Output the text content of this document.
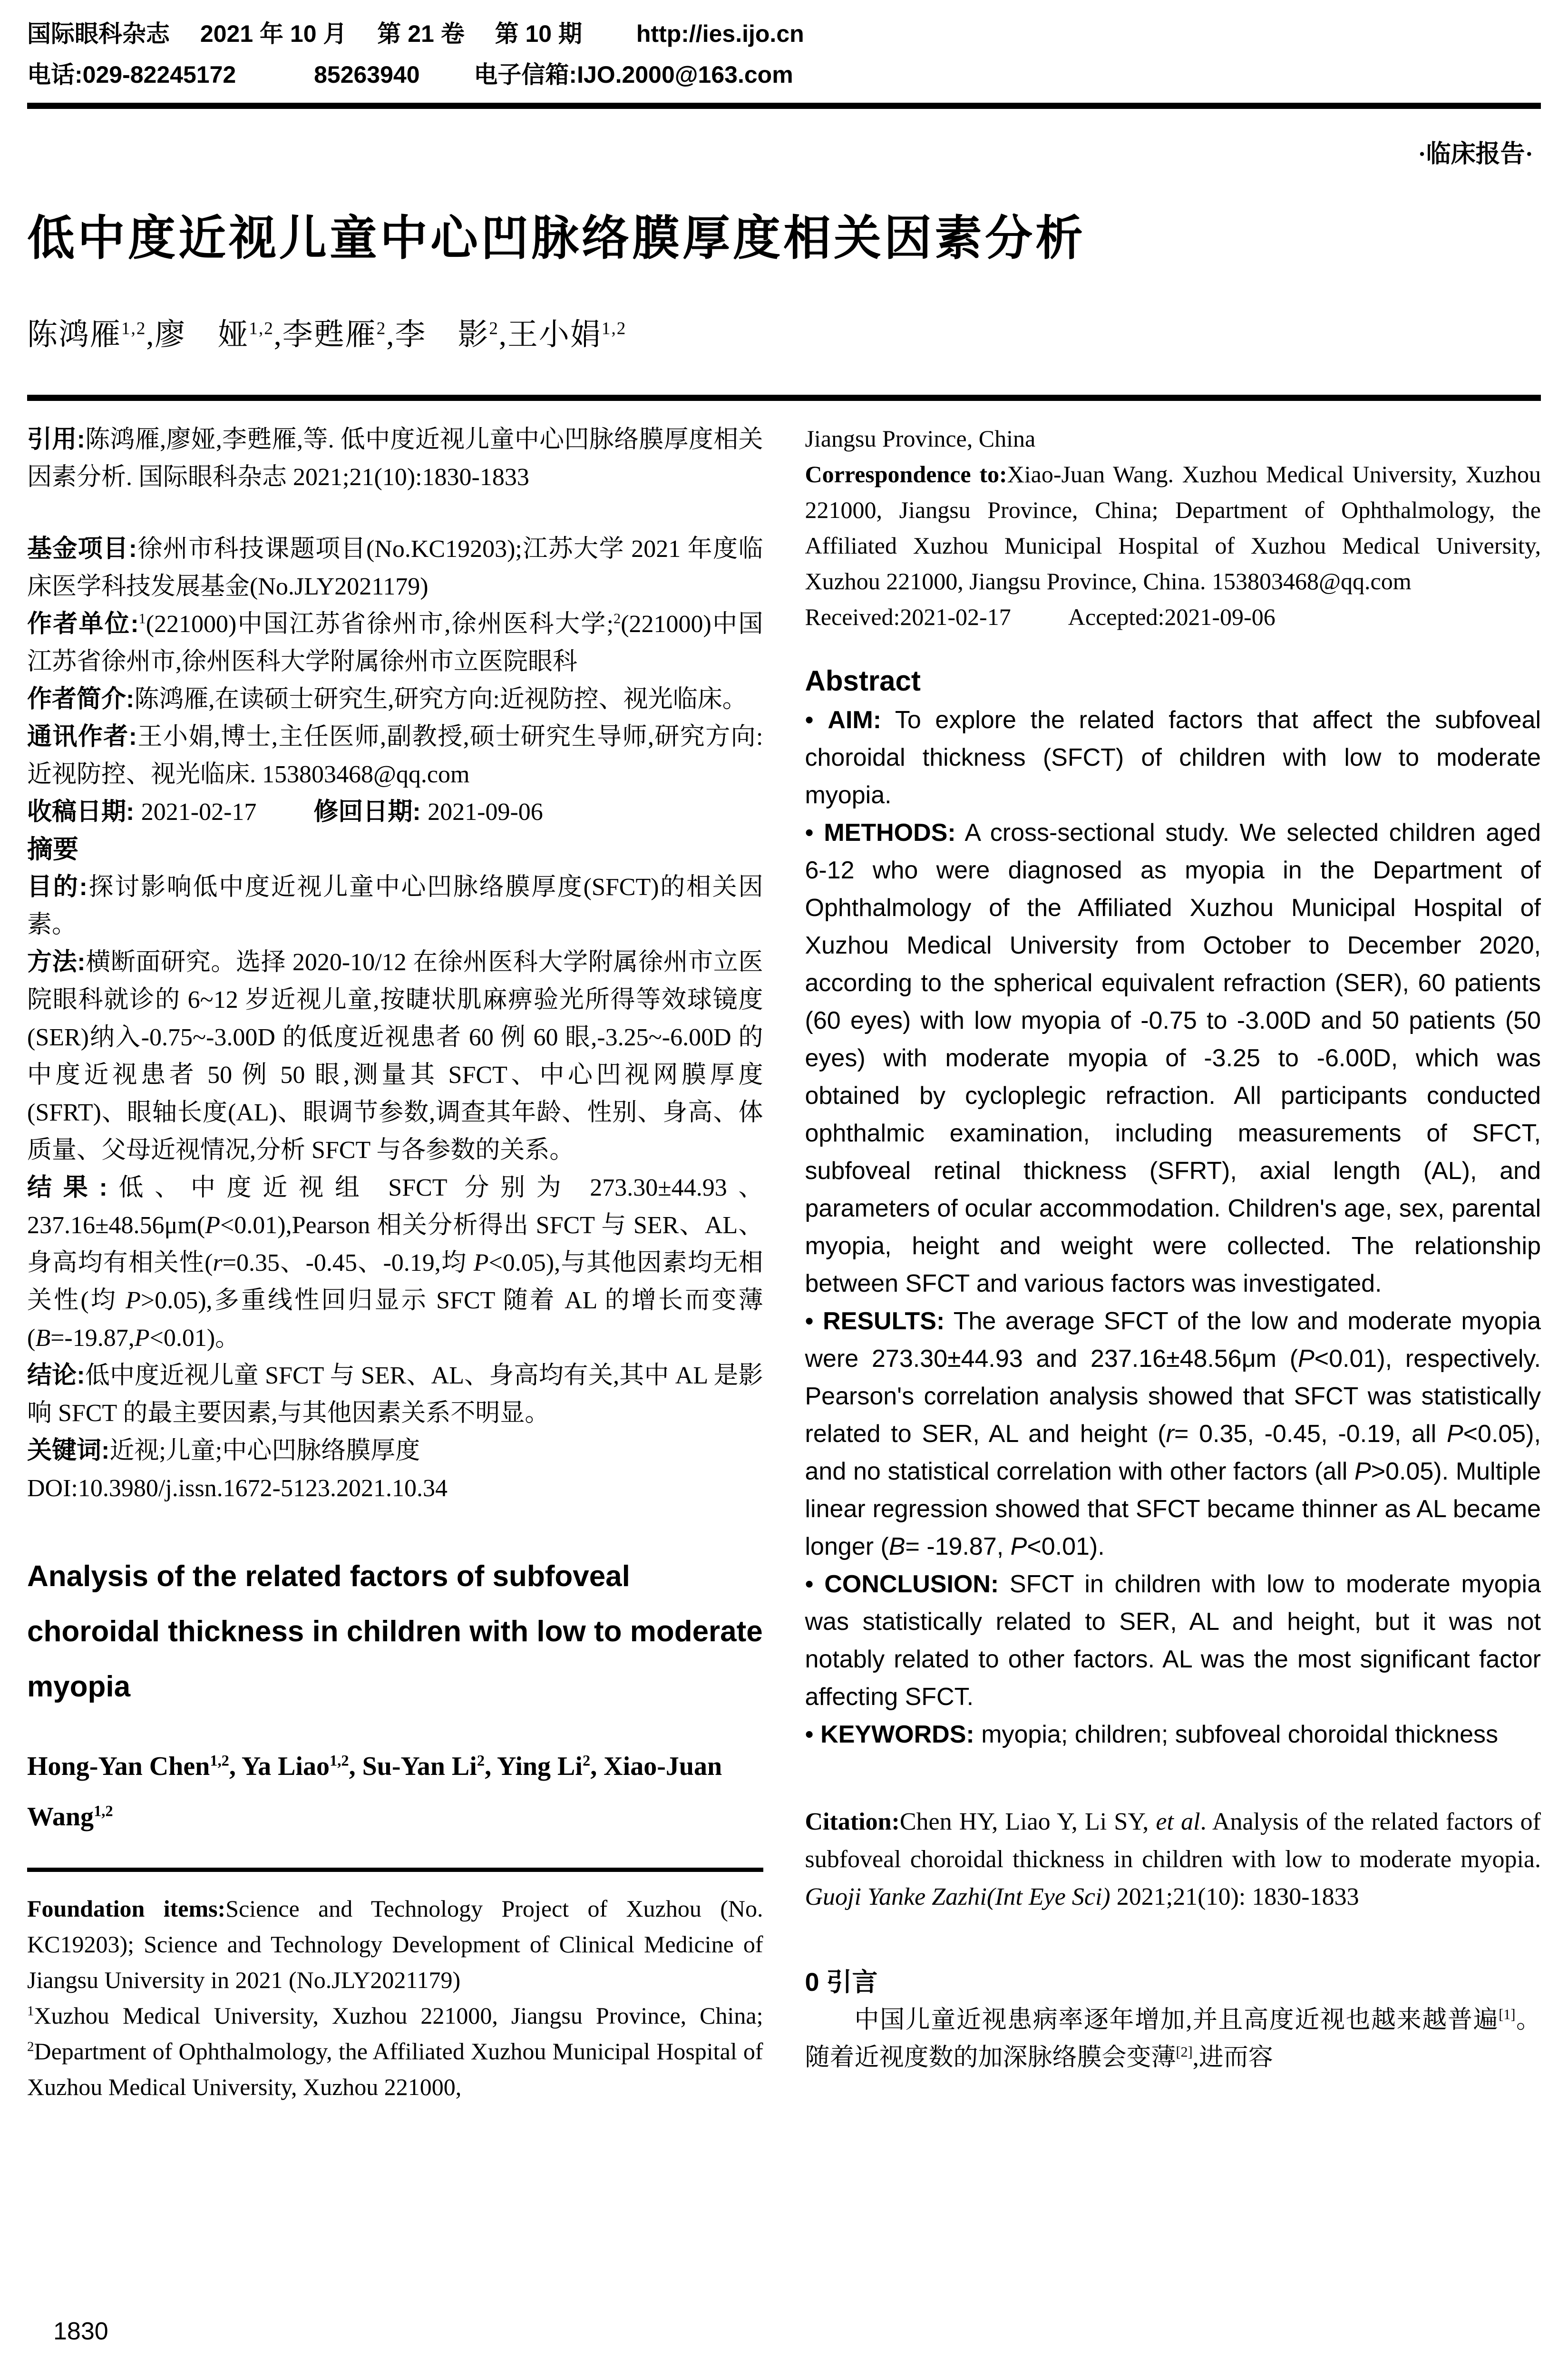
国际眼科杂志　 2021 年 10 月　 第 21 卷　 第 10 期　　 http://ies.ijo.cn
电话:029-82245172　　　 85263940　　 电子信箱:IJO.2000@163.com
·临床报告·
低中度近视儿童中心凹脉络膜厚度相关因素分析
陈鸿雁$^{1,2}$,廖　娅$^{1,2}$,李甦雁$^2$,李　影$^2$,王小娟$^{1,2}$

引用:陈鸿雁,廖娅,李甦雁,等. 低中度近视儿童中心凹脉络膜厚度相关因素分析. 国际眼科杂志 2021;21(10):1830-1833

基金项目:徐州市科技课题项目(No.KC19203);江苏大学 2021 年度临床医学科技发展基金(No.JLY2021179)

作者单位:$^1$(221000)中国江苏省徐州市,徐州医科大学;$^2$(221000)中国江苏省徐州市,徐州医科大学附属徐州市立医院眼科

作者简介:陈鸿雁,在读硕士研究生,研究方向:近视防控、视光临床。

通讯作者:王小娟,博士,主任医师,副教授,硕士研究生导师,研究方向:近视防控、视光临床. 153803468@qq.com

收稿日期: 2021-02-17 修回日期: 2021-09-06

摘要

目的:探讨影响低中度近视儿童中心凹脉络膜厚度(SFCT)的相关因素。

方法:横断面研究。选择 2020-10/12 在徐州医科大学附属徐州市立医院眼科就诊的 6~12 岁近视儿童,按睫状肌麻痹验光所得等效球镜度(SER)纳入-0.75~-3.00D 的低度近视患者 60 例 60 眼,-3.25~-6.00D 的中度近视患者 50 例 50 眼,测量其 SFCT、中心凹视网膜厚度(SFRT)、眼轴长度(AL)、眼调节参数,调查其年龄、性别、身高、体质量、父母近视情况,分析 SFCT 与各参数的关系。

结果:低、中度近视组 SFCT 分别为 273.30±44.93、237.16±48.56μm(P<0.01),Pearson 相关分析得出 SFCT 与 SER、AL、身高均有相关性(r=0.35、-0.45、-0.19,均 P<0.05),与其他因素均无相关性(均 P>0.05),多重线性回归显示 SFCT 随着 AL 的增长而变薄(B=-19.87,P<0.01)。

结论:低中度近视儿童 SFCT 与 SER、AL、身高均有关,其中 AL 是影响 SFCT 的最主要因素,与其他因素关系不明显。

关键词:近视;儿童;中心凹脉络膜厚度

DOI:10.3980/j.issn.1672-5123.2021.10.34

Analysis of the related factors of subfoveal choroidal thickness in children with low to moderate myopia

Hong-Yan Chen$^{1,2}$, Ya Liao$^{1,2}$, Su-Yan Li$^2$, Ying Li$^2$, Xiao-Juan Wang$^{1,2}$

Foundation items:Science and Technology Project of Xuzhou (No. KC19203); Science and Technology Development of Clinical Medicine of Jiangsu University in 2021 (No.JLY2021179)

$^1$Xuzhou Medical University, Xuzhou 221000, Jiangsu Province, China; $^2$Department of Ophthalmology, the Affiliated Xuzhou Municipal Hospital of Xuzhou Medical University, Xuzhou 221000,

Jiangsu Province, China

Correspondence to:Xiao-Juan Wang. Xuzhou Medical University, Xuzhou 221000, Jiangsu Province, China; Department of Ophthalmology, the Affiliated Xuzhou Municipal Hospital of Xuzhou Medical University, Xuzhou 221000, Jiangsu Province, China. 153803468@qq.com

Received:2021-02-17 Accepted:2021-09-06

Abstract

• AIM: To explore the related factors that affect the subfoveal choroidal thickness (SFCT) of children with low to moderate myopia.

• METHODS: A cross-sectional study. We selected children aged 6-12 who were diagnosed as myopia in the Department of Ophthalmology of the Affiliated Xuzhou Municipal Hospital of Xuzhou Medical University from October to December 2020, according to the spherical equivalent refraction (SER), 60 patients (60 eyes) with low myopia of -0.75 to -3.00D and 50 patients (50 eyes) with moderate myopia of -3.25 to -6.00D, which was obtained by cycloplegic refraction. All participants conducted ophthalmic examination, including measurements of SFCT, subfoveal retinal thickness (SFRT), axial length (AL), and parameters of ocular accommodation. Children's age, sex, parental myopia, height and weight were collected. The relationship between SFCT and various factors was investigated.

• RESULTS: The average SFCT of the low and moderate myopia were 273.30±44.93 and 237.16±48.56μm (P<0.01), respectively. Pearson's correlation analysis showed that SFCT was statistically related to SER, AL and height (r= 0.35, -0.45, -0.19, all P<0.05), and no statistical correlation with other factors (all P>0.05). Multiple linear regression showed that SFCT became thinner as AL became longer (B= -19.87, P<0.01).

• CONCLUSION: SFCT in children with low to moderate myopia was statistically related to SER, AL and height, but it was not notably related to other factors. AL was the most significant factor affecting SFCT.

• KEYWORDS: myopia; children; subfoveal choroidal thickness

Citation:Chen HY, Liao Y, Li SY, et al. Analysis of the related factors of subfoveal choroidal thickness in children with low to moderate myopia. Guoji Yanke Zazhi(Int Eye Sci) 2021;21(10): 1830-1833

0 引言

中国儿童近视患病率逐年增加,并且高度近视也越来越普遍[1]。随着近视度数的加深脉络膜会变薄[2],进而容

1830
